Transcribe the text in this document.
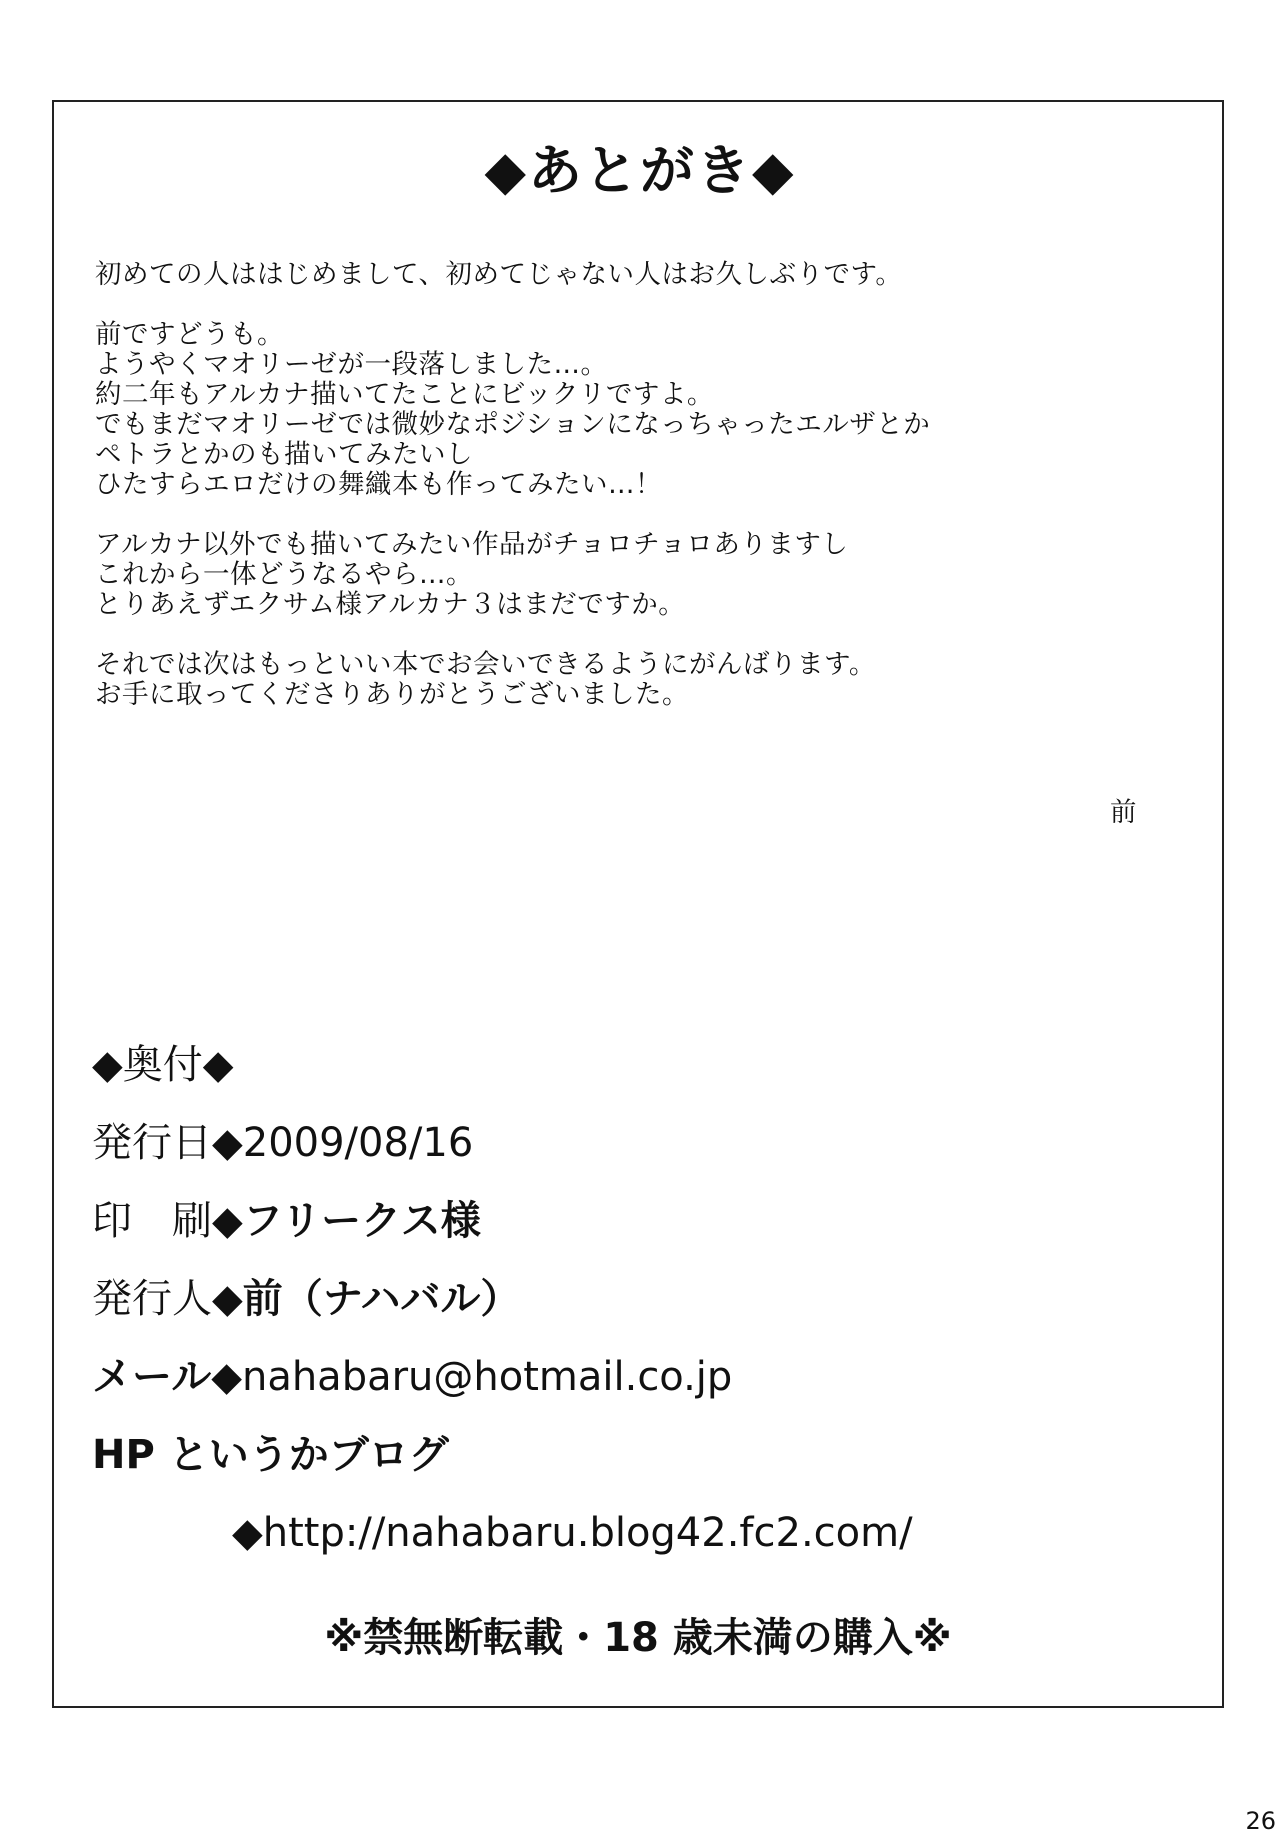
◆あとがき◆
初めての人ははじめまして、初めてじゃない人はお久しぶりです。
前ですどうも。
ようやくマオリーゼが一段落しました…。
約二年もアルカナ描いてたことにビックリですよ。
でもまだマオリーゼでは微妙なポジションになっちゃったエルザとか
ペトラとかのも描いてみたいし
ひたすらエロだけの舞織本も作ってみたい…！
アルカナ以外でも描いてみたい作品がチョロチョロありますし
これから一体どうなるやら…。
とりあえずエクサム様アルカナ３はまだですか。
それでは次はもっといい本でお会いできるようにがんばります。
お手に取ってくださりありがとうございました。
前
◆奥付◆
発行日◆2009/08/16
印　刷◆フリークス様
発行人◆前（ナハバル）
メール◆nahabaru@hotmail.co.jp
HP というかブログ
◆http://nahabaru.blog42.fc2.com/
※禁無断転載・18 歳未満の購入※
26
